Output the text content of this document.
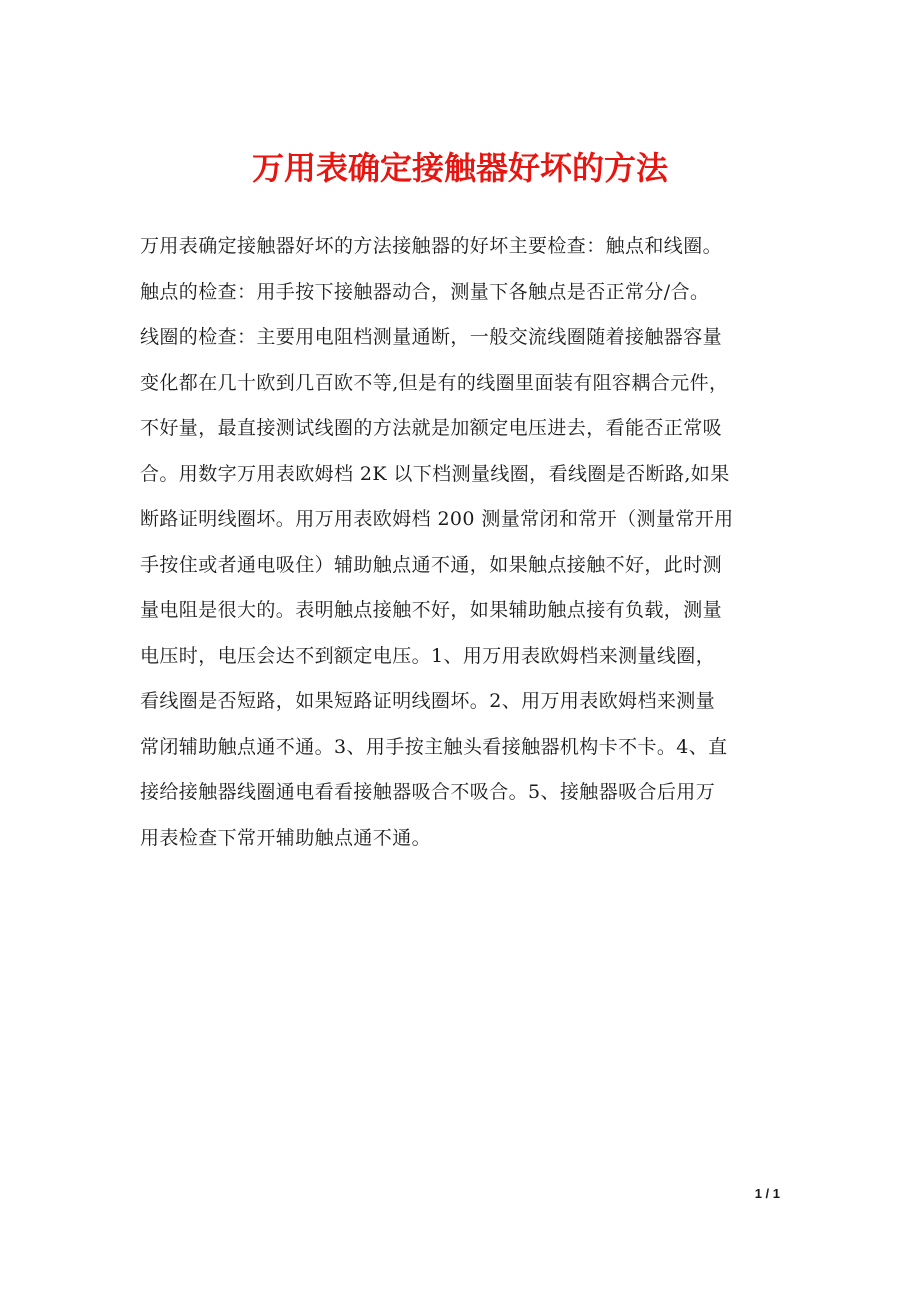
万用表确定接触器好坏的方法
万用表确定接触器好坏的方法接触器的好坏主要检查：触点和线圈。
触点的检查：用手按下接触器动合，测量下各触点是否正常分/合。
线圈的检查：主要用电阻档测量通断，一般交流线圈随着接触器容量
变化都在几十欧到几百欧不等,但是有的线圈里面装有阻容耦合元件，
不好量，最直接测试线圈的方法就是加额定电压进去，看能否正常吸
合。用数字万用表欧姆档 2K 以下档测量线圈，看线圈是否断路,如果
断路证明线圈坏。用万用表欧姆档 200 测量常闭和常开（测量常开用
手按住或者通电吸住）辅助触点通不通，如果触点接触不好，此时测
量电阻是很大的。表明触点接触不好，如果辅助触点接有负载，测量
电压时，电压会达不到额定电压。1、用万用表欧姆档来测量线圈，
看线圈是否短路，如果短路证明线圈坏。2、用万用表欧姆档来测量
常闭辅助触点通不通。3、用手按主触头看接触器机构卡不卡。4、直
接给接触器线圈通电看看接触器吸合不吸合。5、接触器吸合后用万
用表检查下常开辅助触点通不通。
1 / 1
